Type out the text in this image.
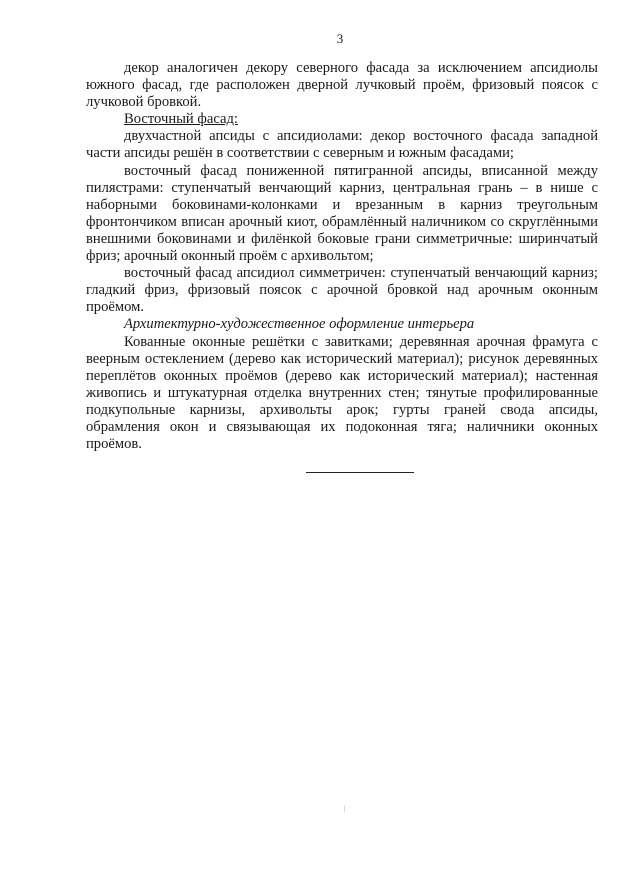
3

декор аналогичен декору северного фасада за исключением апсидиолы южного фасад, где расположен дверной лучковый проём, фризовый поясок с лучковой бровкой.

Восточный фасад:

двухчастной апсиды с апсидиолами: декор восточного фасада западной части апсиды решён в соответствии с северным и южным фасадами;

восточный фасад пониженной пятигранной апсиды, вписанной между пилястрами: ступенчатый венчающий карниз, центральная грань – в нише с наборными боковинами-колонками и врезанным в карниз треугольным фронтончиком вписан арочный киот, обрамлённый наличником со скруглёнными внешними боковинами и филёнкой боковые грани симметричные: ширинчатый фриз; арочный оконный проём с архивольтом;

восточный фасад апсидиол симметричен: ступенчатый венчающий карниз; гладкий фриз, фризовый поясок с арочной бровкой над арочным оконным проёмом.

Архитектурно-художественное оформление интерьера

Кованные оконные решётки с завитками; деревянная арочная фрамуга с веерным остеклением (дерево как исторический материал); рисунок деревянных переплётов оконных проёмов (дерево как исторический материал); настенная живопись и штукатурная отделка внутренних стен; тянутые профилированные подкупольные карнизы, архивольты арок; гурты граней свода апсиды, обрамления окон и связывающая их подоконная тяга; наличники оконных проёмов.
